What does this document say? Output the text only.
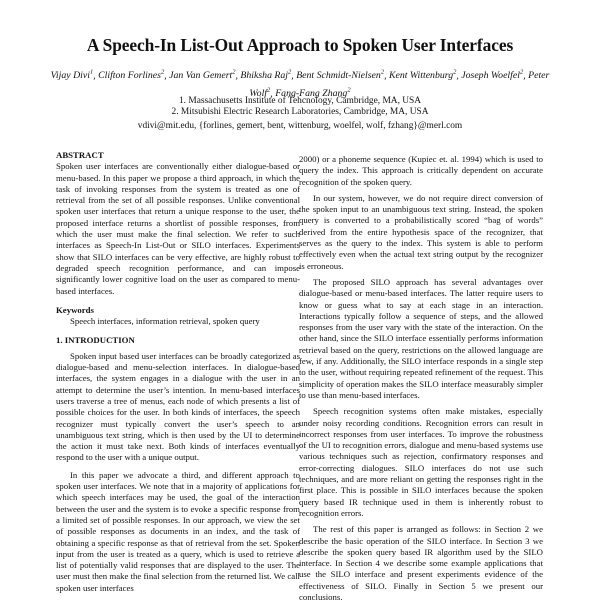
A Speech-In List-Out Approach to Spoken User Interfaces
Vijay Divi$^1$, Clifton Forlines$^2$, Jan Van Gemert$^2$, Bhiksha Raj$^2$, Bent Schmidt-Nielsen$^2$, Kent Wittenburg$^2$, Joseph Woelfel$^2$, Peter Wolf$^2$, Fang-Fang Zhang$^2$
1. Massachusetts Institute of Tehcnology, Cambridge, MA, USA
2. Mitsubishi Electric Research Laboratories, Cambridge, MA, USA
vdivi@mit.edu, {forlines, gemert, bent, wittenburg, woelfel, wolf, fzhang}@merl.com

ABSTRACT

Spoken user interfaces are conventionally either dialogue-based or menu-based. In this paper we propose a third approach, in which the task of invoking responses from the system is treated as one of retrieval from the set of all possible responses. Unlike conventional spoken user interfaces that return a unique response to the user, the proposed interface returns a shortlist of possible responses, from which the user must make the final selection. We refer to such interfaces as Speech-In List-Out or SILO interfaces. Experiments show that SILO interfaces can be very effective, are highly robust to degraded speech recognition performance, and can impose significantly lower cognitive load on the user as compared to menu-based interfaces.

Keywords

Speech interfaces, information retrieval, spoken query

1. INTRODUCTION

Spoken input based user interfaces can be broadly categorized as dialogue-based and menu-selection interfaces. In dialogue-based interfaces, the system engages in a dialogue with the user in an attempt to determine the user’s intention. In menu-based interfaces users traverse a tree of menus, each node of which presents a list of possible choices for the user. In both kinds of interfaces, the speech recognizer must typically convert the user’s speech to an unambiguous text string, which is then used by the UI to determine the action it must take next. Both kinds of interfaces eventually respond to the user with a unique output.

In this paper we advocate a third, and different approach to spoken user interfaces. We note that in a majority of applications for which speech interfaces may be used, the goal of the interaction between the user and the system is to evoke a specific response from a limited set of possible responses. In our approach, we view the set of possible responses as documents in an index, and the task of obtaining a specific response as that of retrieval from the set. Spoken input from the user is treated as a query, which is used to retrieve a list of potentially valid responses that are displayed to the user. The user must then make the final selection from the returned list. We call spoken user interfaces

2000) or a phoneme sequence (Kupiec et. al. 1994) which is used to query the index. This approach is critically dependent on accurate recognition of the spoken query.

In our system, however, we do not require direct conversion of the spoken input to an unambiguous text string. Instead, the spoken query is converted to a probabilistically scored “bag of words” derived from the entire hypothesis space of the recognizer, that serves as the query to the index. This system is able to perform effectively even when the actual text string output by the recognizer is erroneous.

The proposed SILO approach has several advantages over dialogue-based or menu-based interfaces. The latter require users to know or guess what to say at each stage in an interaction. Interactions typically follow a sequence of steps, and the allowed responses from the user vary with the state of the interaction. On the other hand, since the SILO interface essentially performs information retrieval based on the query, restrictions on the allowed language are few, if any. Additionally, the SILO interface responds in a single step to the user, without requiring repeated refinement of the request. This simplicity of operation makes the SILO interface measurably simpler to use than menu-based interfaces.

Speech recognition systems often make mistakes, especially under noisy recording conditions. Recognition errors can result in incorrect responses from user interfaces. To improve the robustness of the UI to recognition errors, dialogue and menu-based systems use various techniques such as rejection, confirmatory responses and error-correcting dialogues. SILO interfaces do not use such techniques, and are more reliant on getting the responses right in the first place. This is possible in SILO interfaces because the spoken query based IR technique used in them is inherently robust to recognition errors.

The rest of this paper is arranged as follows: in Section 2 we describe the basic operation of the SILO interface. In Section 3 we describe the spoken query based IR algorithm used by the SILO interface. In Section 4 we describe some example applications that use the SILO interface and present experiments evidence of the effectiveness of SILO. Finally in Section 5 we present our conclusions.
